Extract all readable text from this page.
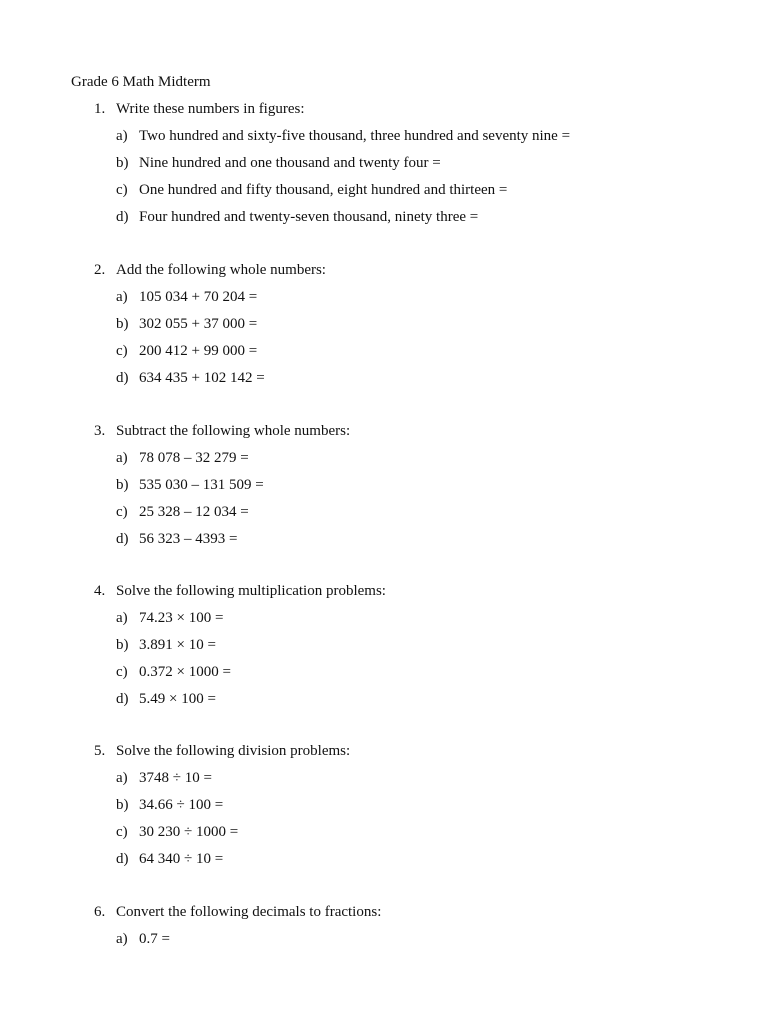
Grade 6 Math Midterm
1. Write these numbers in figures:
a) Two hundred and sixty-five thousand, three hundred and seventy nine =
b) Nine hundred and one thousand and twenty four =
c) One hundred and fifty thousand, eight hundred and thirteen =
d) Four hundred and twenty-seven thousand, ninety three =
2. Add the following whole numbers:
a) 105 034 + 70 204 =
b) 302 055 + 37 000 =
c) 200 412 + 99 000 =
d) 634 435 + 102 142 =
3. Subtract the following whole numbers:
a) 78 078 – 32 279 =
b) 535 030 – 131 509 =
c) 25 328 – 12 034 =
d) 56 323 – 4393 =
4. Solve the following multiplication problems:
a) 74.23 × 100 =
b) 3.891 × 10 =
c) 0.372 × 1000 =
d) 5.49 × 100 =
5. Solve the following division problems:
a) 3748 ÷ 10 =
b) 34.66 ÷ 100 =
c) 30 230 ÷ 1000 =
d) 64 340 ÷ 10 =
6. Convert the following decimals to fractions:
a) 0.7 =
